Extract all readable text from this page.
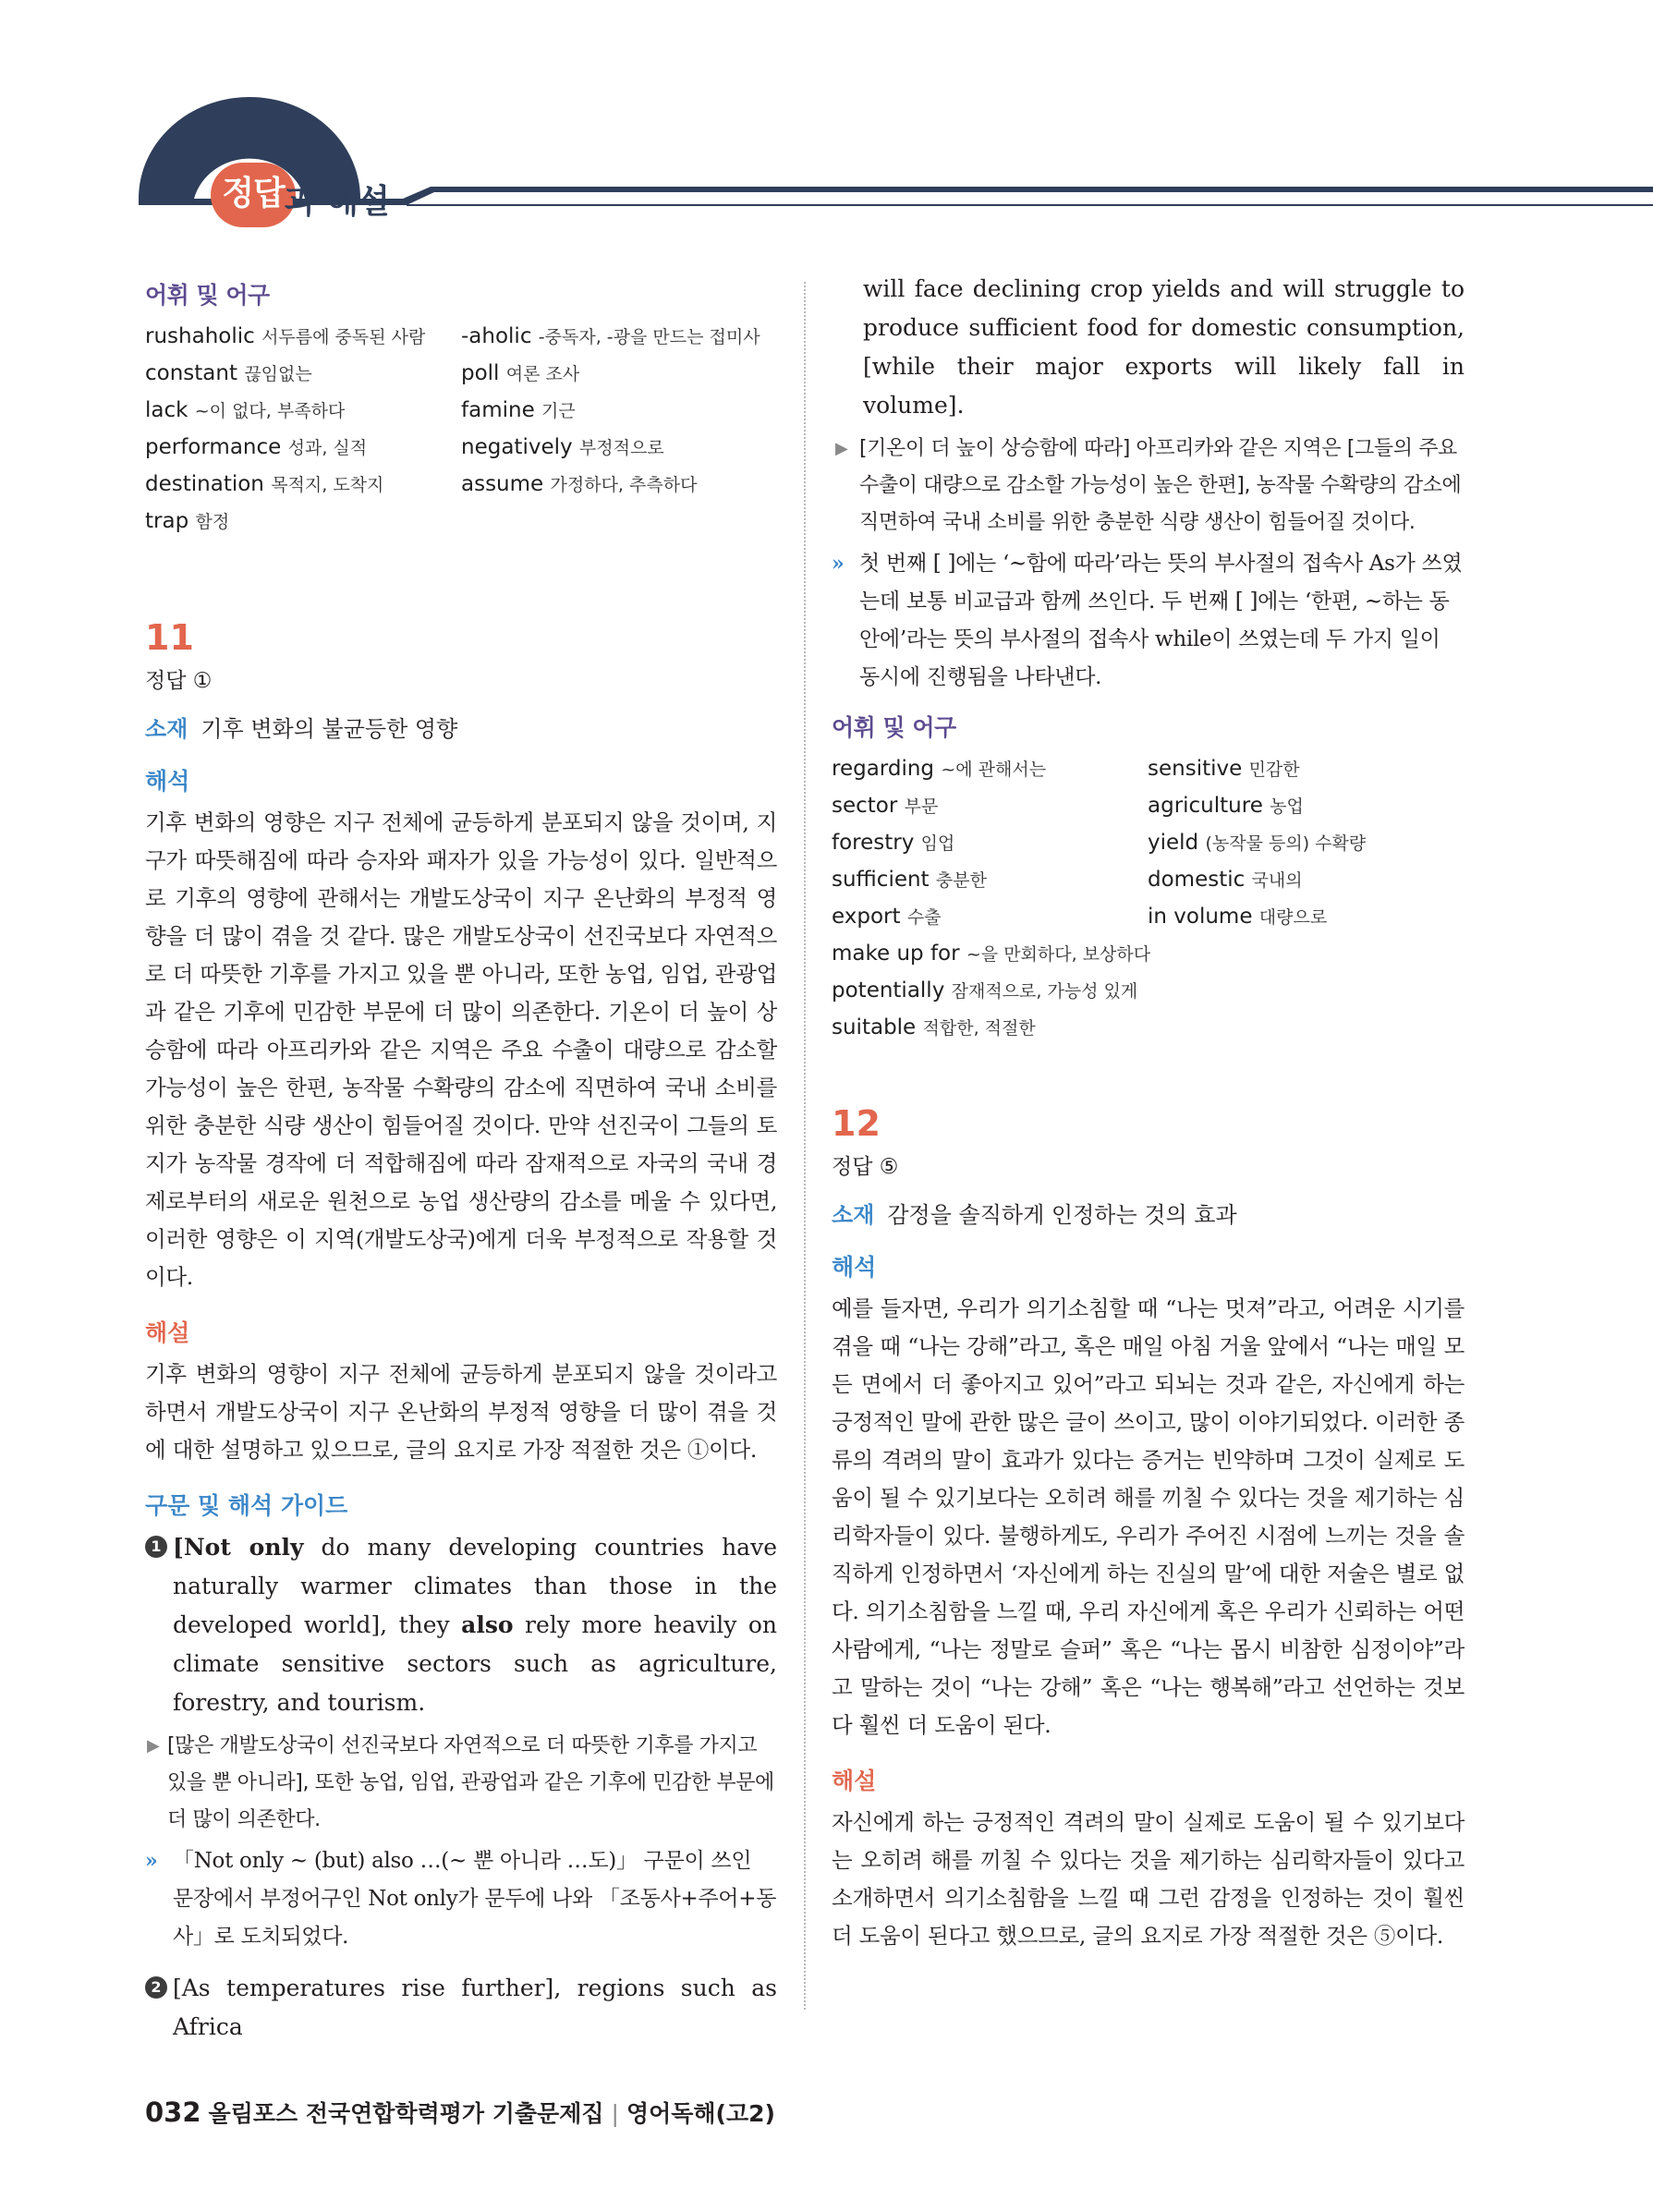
정답 과 해설
어휘 및 어구
rushaholic 서두름에 중독된 사람	-aholic -중독자, -광을 만드는 접미사
constant 끊임없는	poll 여론 조사
lack ~이 없다, 부족하다	famine 기근
performance 성과, 실적	negatively 부정적으로
destination 목적지, 도착지	assume 가정하다, 추측하다
trap 함정
11
정답 ①
소재 기후 변화의 불균등한 영향
해석
기후 변화의 영향은 지구 전체에 균등하게 분포되지 않을 것이며, 지구가 따뜻해짐에 따라 승자와 패자가 있을 가능성이 있다. 일반적으로 기후의 영향에 관해서는 개발도상국이 지구 온난화의 부정적 영향을 더 많이 겪을 것 같다. 많은 개발도상국이 선진국보다 자연적으로 더 따뜻한 기후를 가지고 있을 뿐 아니라, 또한 농업, 임업, 관광업과 같은 기후에 민감한 부문에 더 많이 의존한다. 기온이 더 높이 상승함에 따라 아프리카와 같은 지역은 주요 수출이 대량으로 감소할 가능성이 높은 한편, 농작물 수확량의 감소에 직면하여 국내 소비를 위한 충분한 식량 생산이 힘들어질 것이다. 만약 선진국이 그들의 토지가 농작물 경작에 더 적합해짐에 따라 잠재적으로 자국의 국내 경제로부터의 새로운 원천으로 농업 생산량의 감소를 메울 수 있다면, 이러한 영향은 이 지역(개발도상국)에게 더욱 부정적으로 작용할 것이다.
해설
기후 변화의 영향이 지구 전체에 균등하게 분포되지 않을 것이라고 하면서 개발도상국이 지구 온난화의 부정적 영향을 더 많이 겪을 것에 대한 설명하고 있으므로, 글의 요지로 가장 적절한 것은 ①이다.
구문 및 해석 가이드
1 [Not only do many developing countries have naturally warmer climates than those in the developed world], they also rely more heavily on climate sensitive sectors such as agriculture, forestry, and tourism.
▶ [많은 개발도상국이 선진국보다 자연적으로 더 따뜻한 기후를 가지고 있을 뿐 아니라], 또한 농업, 임업, 관광업과 같은 기후에 민감한 부문에 더 많이 의존한다.
» 「Not only ~ (but) also …(~ 뿐 아니라 …도)」 구문이 쓰인 문장에서 부정어구인 Not only가 문두에 나와 「조동사+주어+동사」로 도치되었다.
2 [As temperatures rise further], regions such as Africa
will face declining crop yields and will struggle to produce sufficient food for domestic consumption, [while their major exports will likely fall in volume].
▶ [기온이 더 높이 상승함에 따라] 아프리카와 같은 지역은 [그들의 주요 수출이 대량으로 감소할 가능성이 높은 한편], 농작물 수확량의 감소에 직면하여 국내 소비를 위한 충분한 식량 생산이 힘들어질 것이다.
» 첫 번째 [ ]에는 ‘~함에 따라’라는 뜻의 부사절의 접속사 As가 쓰였는데 보통 비교급과 함께 쓰인다. 두 번째 [ ]에는 ‘한편, ~하는 동안에’라는 뜻의 부사절의 접속사 while이 쓰였는데 두 가지 일이 동시에 진행됨을 나타낸다.
어휘 및 어구
regarding ~에 관해서는	sensitive 민감한
sector 부문	agriculture 농업
forestry 임업	yield (농작물 등의) 수확량
sufficient 충분한	domestic 국내의
export 수출	in volume 대량으로
make up for ~을 만회하다, 보상하다
potentially 잠재적으로, 가능성 있게
suitable 적합한, 적절한
12
정답 ⑤
소재 감정을 솔직하게 인정하는 것의 효과
해석
예를 들자면, 우리가 의기소침할 때 “나는 멋져”라고, 어려운 시기를 겪을 때 “나는 강해”라고, 혹은 매일 아침 거울 앞에서 “나는 매일 모든 면에서 더 좋아지고 있어”라고 되뇌는 것과 같은, 자신에게 하는 긍정적인 말에 관한 많은 글이 쓰이고, 많이 이야기되었다. 이러한 종류의 격려의 말이 효과가 있다는 증거는 빈약하며 그것이 실제로 도움이 될 수 있기보다는 오히려 해를 끼칠 수 있다는 것을 제기하는 심리학자들이 있다. 불행하게도, 우리가 주어진 시점에 느끼는 것을 솔직하게 인정하면서 ‘자신에게 하는 진실의 말’에 대한 저술은 별로 없다. 의기소침함을 느낄 때, 우리 자신에게 혹은 우리가 신뢰하는 어떤 사람에게, “나는 정말로 슬퍼” 혹은 “나는 몹시 비참한 심정이야”라고 말하는 것이 “나는 강해” 혹은 “나는 행복해”라고 선언하는 것보다 훨씬 더 도움이 된다.
해설
자신에게 하는 긍정적인 격려의 말이 실제로 도움이 될 수 있기보다는 오히려 해를 끼칠 수 있다는 것을 제기하는 심리학자들이 있다고 소개하면서 의기소침함을 느낄 때 그런 감정을 인정하는 것이 훨씬 더 도움이 된다고 했으므로, 글의 요지로 가장 적절한 것은 ⑤이다.
032 올림포스 전국연합학력평가 기출문제집 | 영어독해(고2)
